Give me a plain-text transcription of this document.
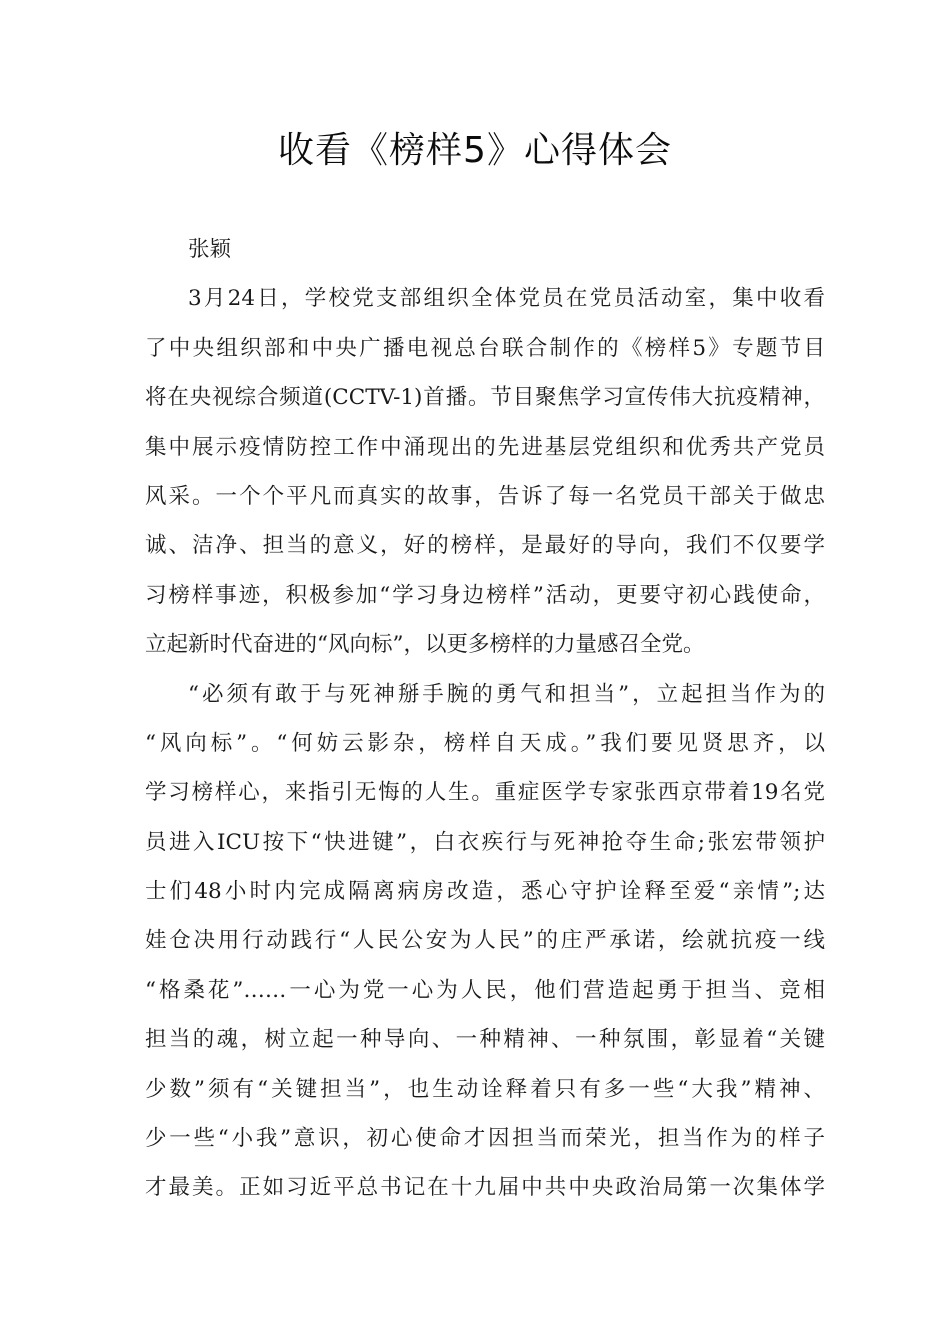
收看《榜样5》心得体会
张颖
3月24日，学校党支部组织全体党员在党员活动室，集中收看
了中央组织部和中央广播电视总台联合制作的《榜样5》专题节目
将在央视综合频道(CCTV-1)首播。节目聚焦学习宣传伟大抗疫精神，
集中展示疫情防控工作中涌现出的先进基层党组织和优秀共产党员
风采。一个个平凡而真实的故事，告诉了每一名党员干部关于做忠
诚、洁净、担当的意义，好的榜样，是最好的导向，我们不仅要学
习榜样事迹，积极参加“学习身边榜样”活动，更要守初心践使命，
立起新时代奋进的“风向标”，以更多榜样的力量感召全党。
“必须有敢于与死神掰手腕的勇气和担当”，立起担当作为的
“风向标”。“何妨云影杂，榜样自天成。”我们要见贤思齐，以
学习榜样心，来指引无悔的人生。重症医学专家张西京带着19名党
员进入ICU按下“快进键”，白衣疾行与死神抢夺生命;张宏带领护
士们48小时内完成隔离病房改造，悉心守护诠释至爱“亲情”;达
娃仓决用行动践行“人民公安为人民”的庄严承诺，绘就抗疫一线
“格桑花”……一心为党一心为人民，他们营造起勇于担当、竞相
担当的魂，树立起一种导向、一种精神、一种氛围，彰显着“关键
少数”须有“关键担当”，也生动诠释着只有多一些“大我”精神、
少一些“小我”意识，初心使命才因担当而荣光，担当作为的样子
才最美。正如习近平总书记在十九届中共中央政治局第一次集体学
